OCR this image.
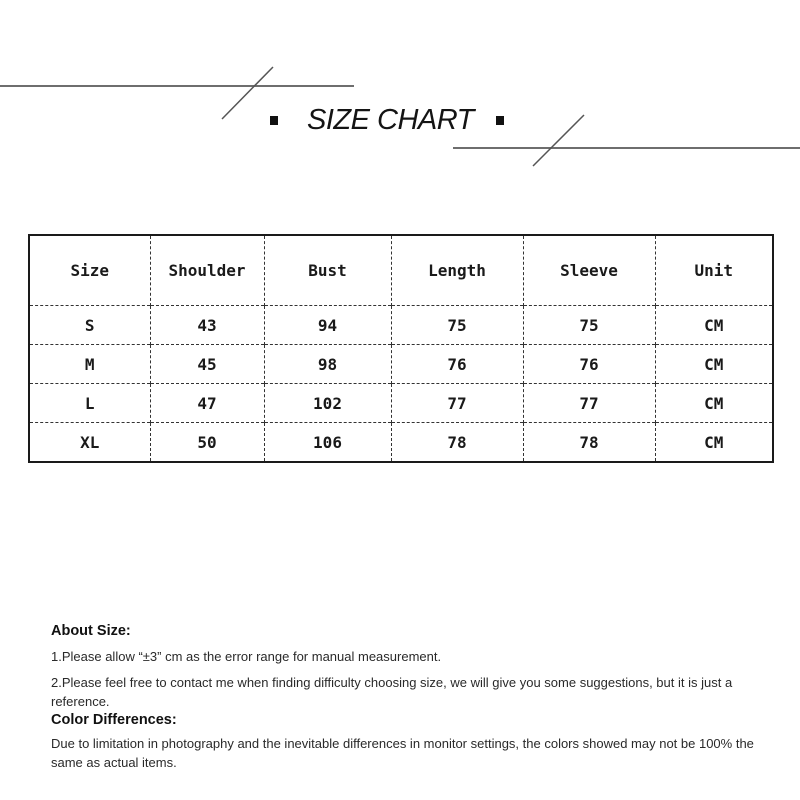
SIZE CHART
Size	Shoulder	Bust	Length	Sleeve	Unit
S	43	94	75	75	CM
M	45	98	76	76	CM
L	47	102	77	77	CM
XL	50	106	78	78	CM
About Size:

1.Please allow “±3” cm as the error range for manual measurement.

2.Please feel free to contact me when finding difficulty choosing size, we will give you some suggestions, but it is just a reference.

Color Differences:

Due to limitation in photography and the inevitable differences in monitor settings, the colors showed may not be 100% the same as actual items.
